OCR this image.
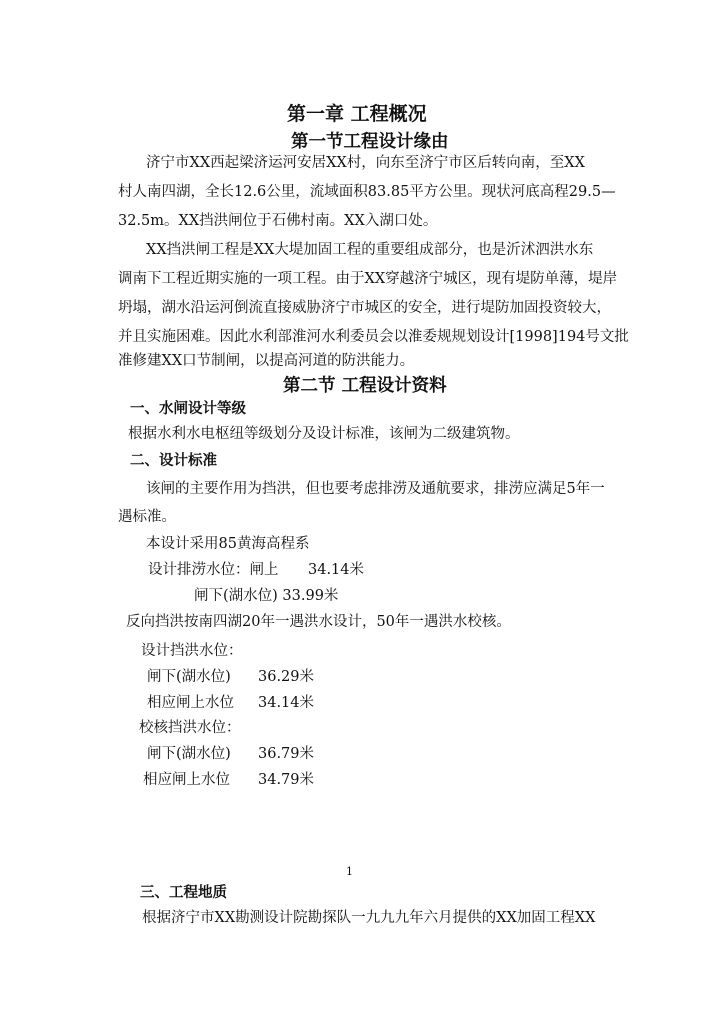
第一章 工程概况
第一节工程设计缘由
济宁市XX西起梁济运河安居XX村，向东至济宁市区后转向南，至XX
村人南四湖，全长12.6公里，流域面积83.85平方公里。现状河底高程29.5—
32.5m。XX挡洪闸位于石佛村南。XX入湖口处。
XX挡洪闸工程是XX大堤加固工程的重要组成部分，也是沂沭泗洪水东
调南下工程近期实施的一项工程。由于XX穿越济宁城区，现有堤防单薄，堤岸
坍塌，湖水沿运河倒流直接威胁济宁市城区的安全，进行堤防加固投资较大，
并且实施困难。因此水利部淮河水利委员会以淮委规规划设计[1998]194号文批
准修建XX口节制闸，以提高河道的防洪能力。
第二节 工程设计资料
一、水闸设计等级
根据水利水电枢纽等级划分及设计标准，该闸为二级建筑物。
二、设计标准
该闸的主要作用为挡洪，但也要考虑排涝及通航要求，排涝应满足5年一
遇标准。
本设计采用85黄海高程系
设计排涝水位：闸上 34.14米
闸下(湖水位) 33.99米
反向挡洪按南四湖20年一遇洪水设计，50年一遇洪水校核。
设计挡洪水位：
闸下(湖水位) 36.29米
相应闸上水位 34.14米
校核挡洪水位：
闸下(湖水位) 36.79米
相应闸上水位 34.79米
1
三、工程地质
根据济宁市XX勘测设计院勘探队一九九九年六月提供的XX加固工程XX
